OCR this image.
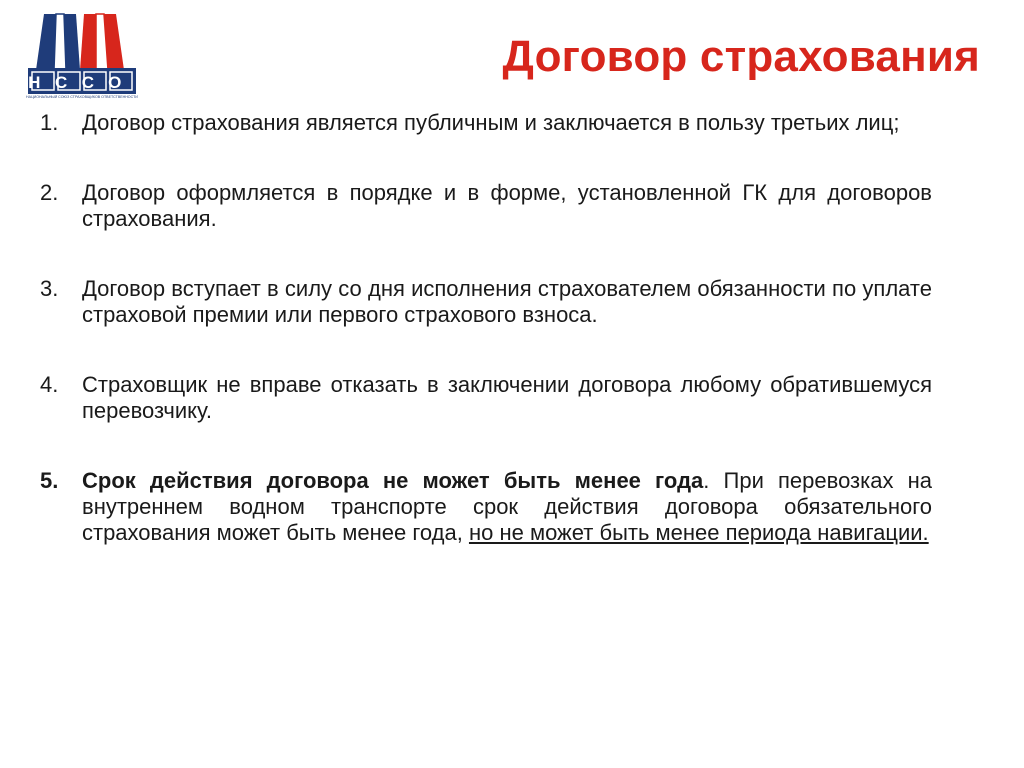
НССО
НАЦИОНАЛЬНЫЙ СОЮЗ СТРАХОВЩИКОВ ОТВЕТСТВЕННОСТИ
Договор страхования
1.	Договор страхования является публичным и заключается в пользу третьих лиц;
2.	Договор оформляется в порядке и в форме, установленной ГК для договоров страхования.
3.	Договор вступает в силу со дня исполнения страхователем обязанности по уплате страховой премии или первого страхового взноса.
4.	Страховщик не вправе отказать в заключении договора любому обратившемуся перевозчику.
5.	Срок действия договора не может быть менее года. При перевозках на внутреннем водном транспорте срок действия договора обязательного страхования может быть менее года, но не может быть менее периода навигации.
